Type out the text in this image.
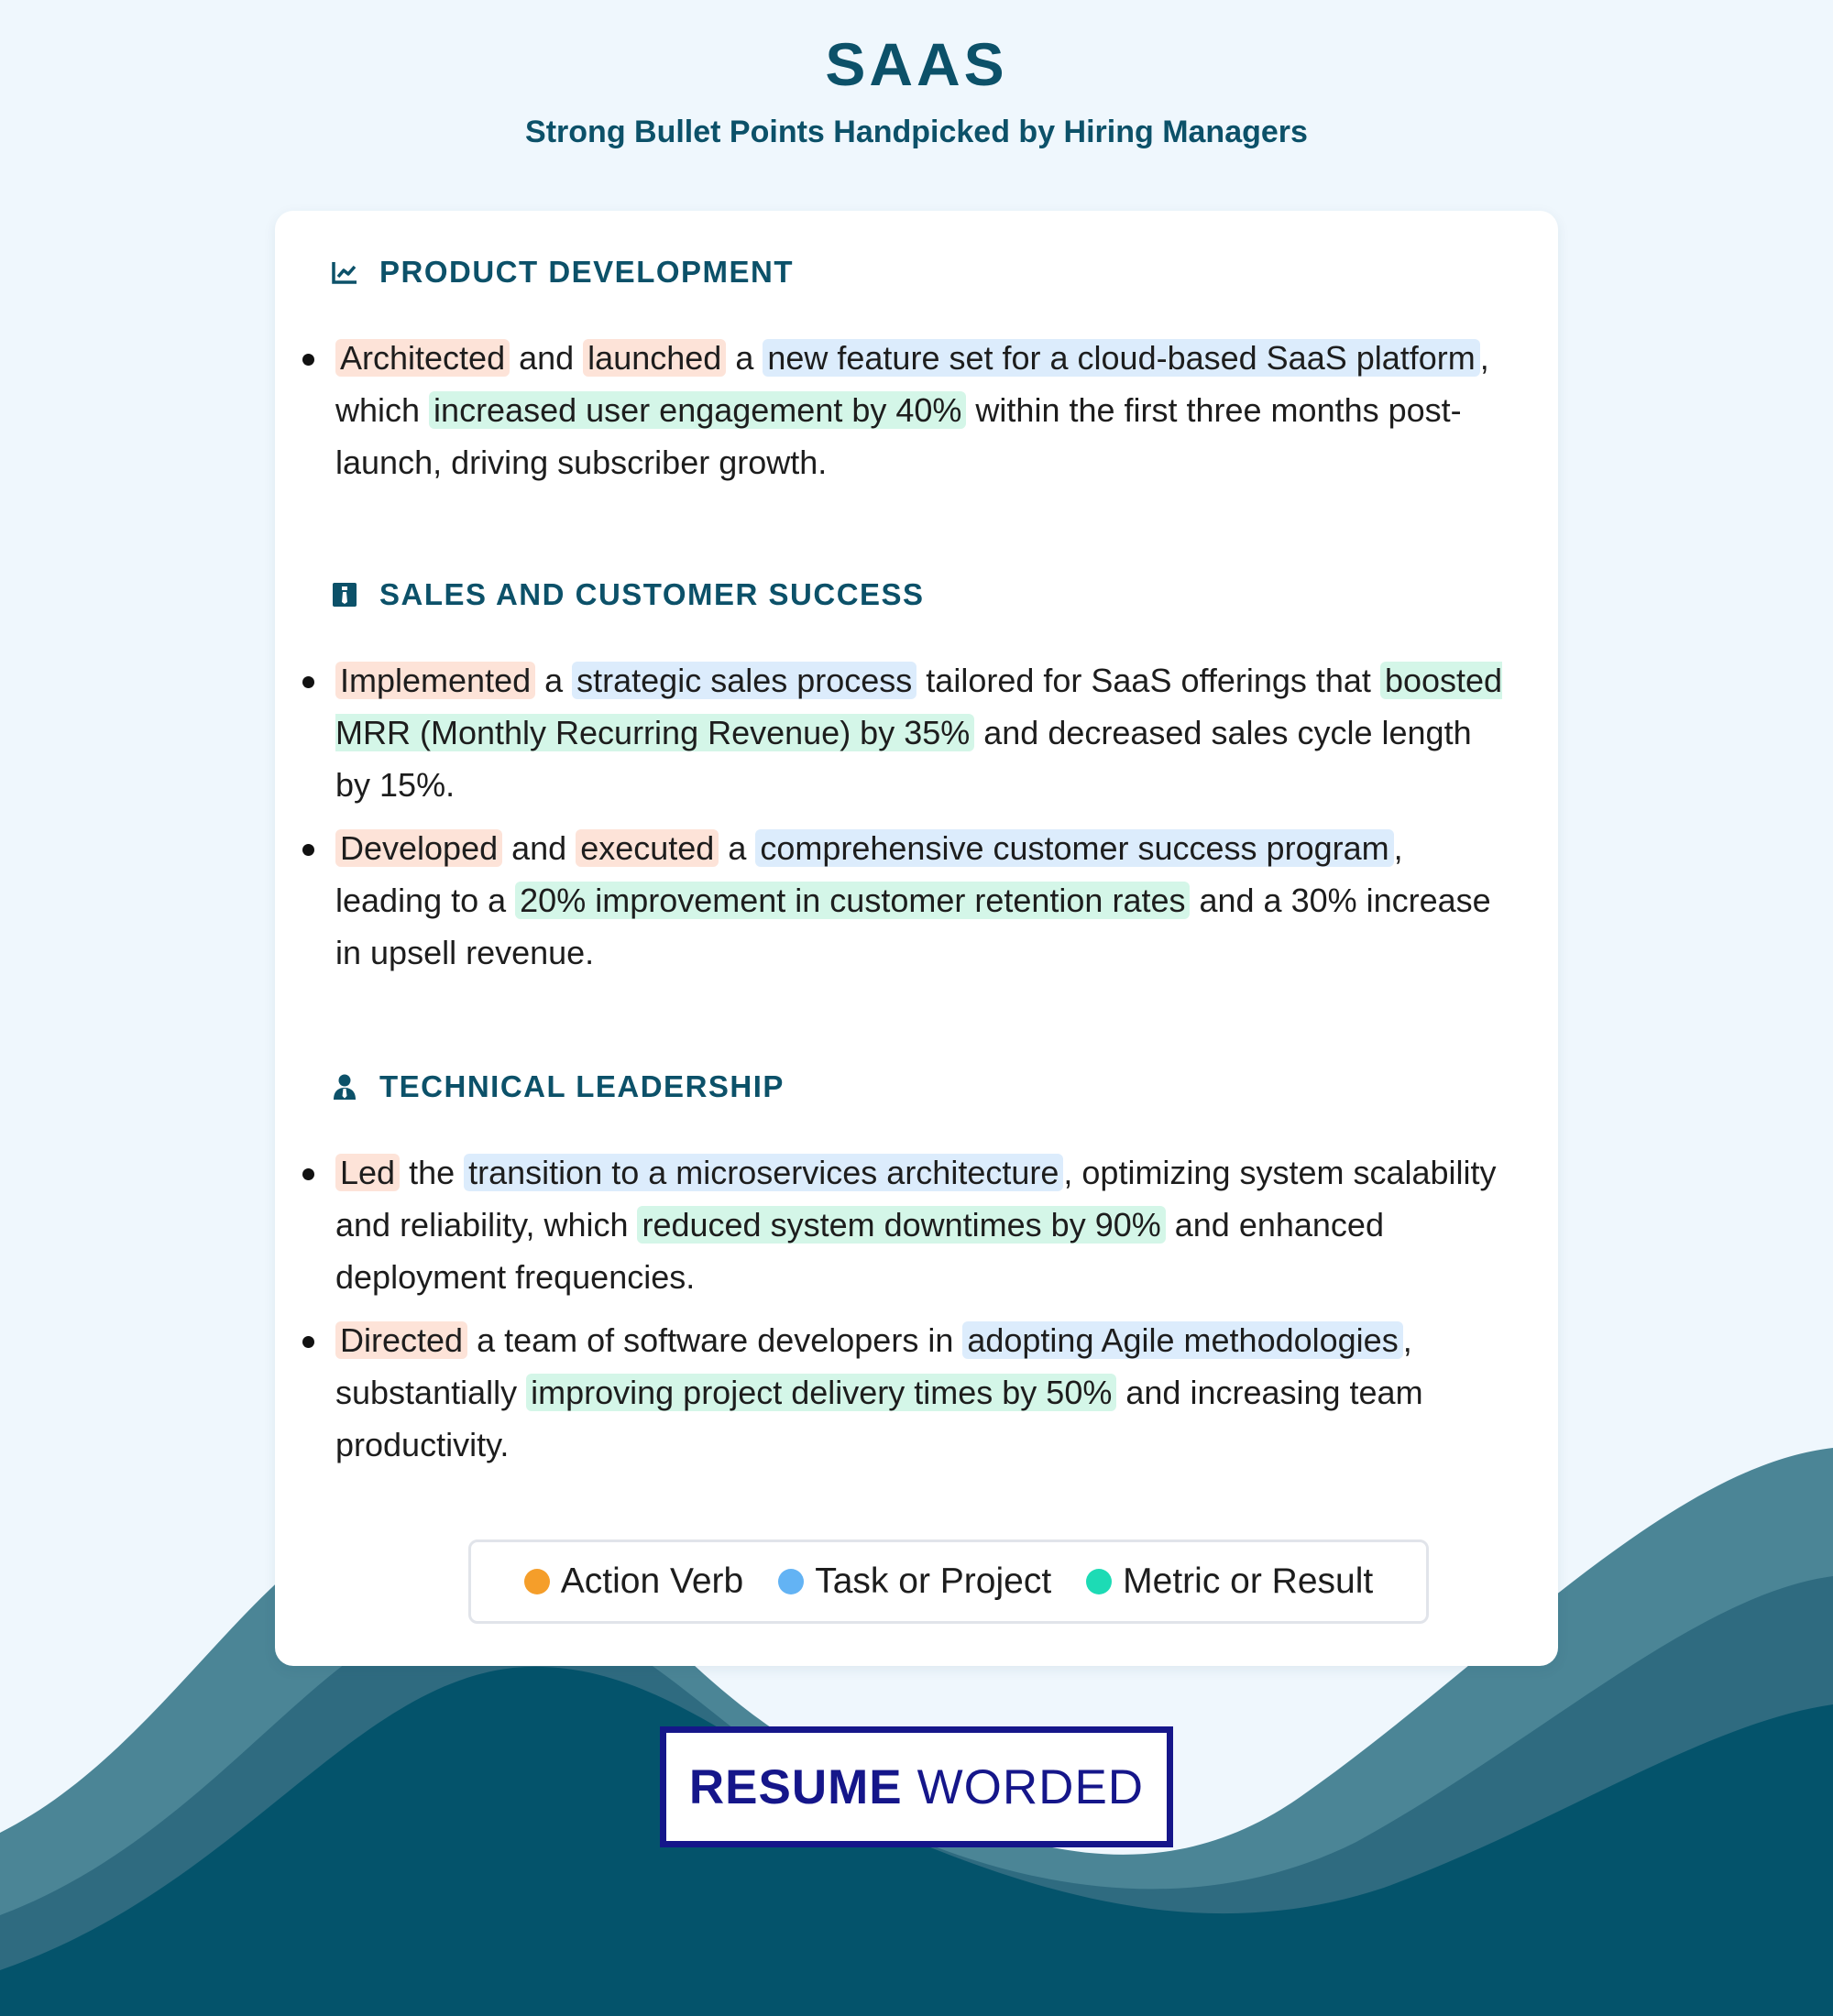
SAAS
Strong Bullet Points Handpicked by Hiring Managers
PRODUCT DEVELOPMENT
Architected and launched a new feature set for a cloud-based SaaS platform , which increased user engagement by 40% within the first three months post-launch, driving subscriber growth.
SALES AND CUSTOMER SUCCESS
Implemented a strategic sales process tailored for SaaS offerings that boosted MRR (Monthly Recurring Revenue) by 35% and decreased sales cycle length by 15%.
Developed and executed a comprehensive customer success program , leading to a 20% improvement in customer retention rates and a 30% increase in upsell revenue.
TECHNICAL LEADERSHIP
Led the transition to a microservices architecture , optimizing system scalability and reliability, which reduced system downtimes by 90% and enhanced deployment frequencies.
Directed a team of software developers in adopting Agile methodologies , substantially improving project delivery times by 50% and increasing team productivity.
Action Verb Task or Project Metric or Result
RESUME WORDED
